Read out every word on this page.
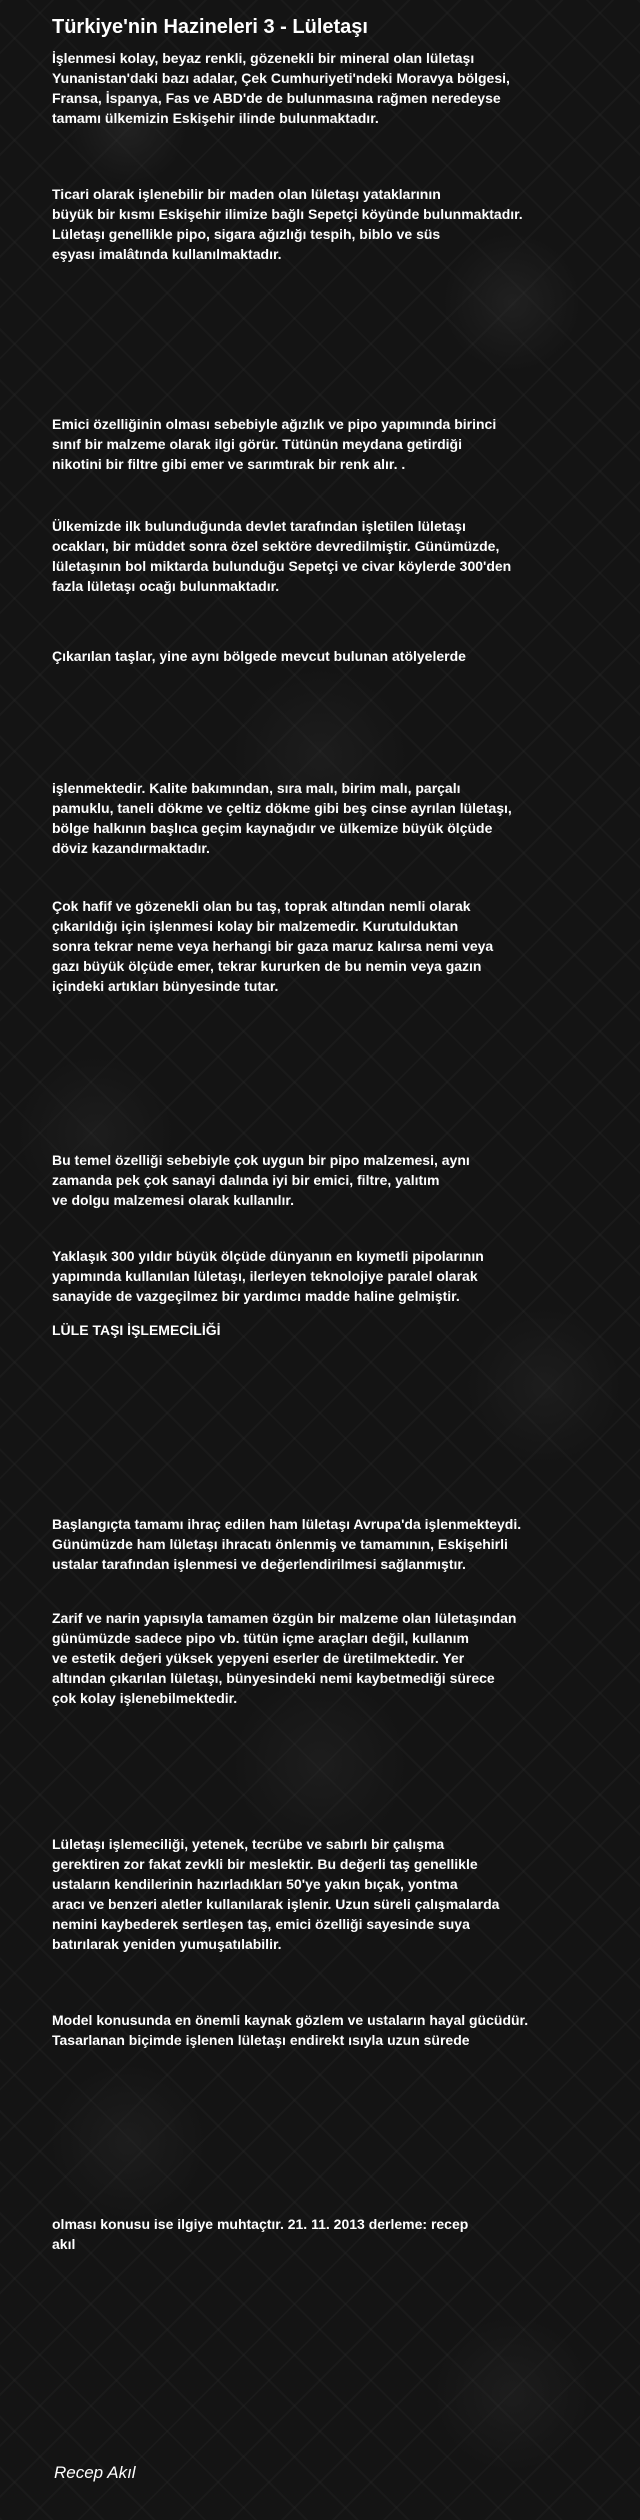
Türkiye'nin Hazineleri 3 - Lületaşı

İşlenmesi kolay, beyaz renkli, gözenekli bir mineral olan lületaşı
Yunanistan'daki bazı adalar, Çek Cumhuriyeti'ndeki Moravya bölgesi,
Fransa, İspanya, Fas ve ABD'de de bulunmasına rağmen neredeyse
tamamı ülkemizin Eskişehir ilinde bulunmaktadır.

Ticari olarak işlenebilir bir maden olan lületaşı yataklarının
büyük bir kısmı Eskişehir ilimize bağlı Sepetçi köyünde bulunmaktadır.
Lületaşı genellikle pipo, sigara ağızlığı tespih, biblo ve süs
eşyası imalâtında kullanılmaktadır.

Emici özelliğinin olması sebebiyle ağızlık ve pipo yapımında birinci
sınıf bir malzeme olarak ilgi görür. Tütünün meydana getirdiği
nikotini bir filtre gibi emer ve sarımtırak bir renk alır. .

Ülkemizde ilk bulunduğunda devlet tarafından işletilen lületaşı
ocakları, bir müddet sonra özel sektöre devredilmiştir. Günümüzde,
lületaşının bol miktarda bulunduğu Sepetçi ve civar köylerde 300'den
fazla lületaşı ocağı bulunmaktadır.

Çıkarılan taşlar, yine aynı bölgede mevcut bulunan atölyelerde

işlenmektedir. Kalite bakımından, sıra malı, birim malı, parçalı
pamuklu, taneli dökme ve çeltiz dökme gibi beş cinse ayrılan lületaşı,
bölge halkının başlıca geçim kaynağıdır ve ülkemize büyük ölçüde
döviz kazandırmaktadır.

Çok hafif ve gözenekli olan bu taş, toprak altından nemli olarak
çıkarıldığı için işlenmesi kolay bir malzemedir. Kurutulduktan
sonra tekrar neme veya herhangi bir gaza maruz kalırsa nemi veya
gazı büyük ölçüde emer, tekrar kururken de bu nemin veya gazın
içindeki artıkları bünyesinde tutar.

Bu temel özelliği sebebiyle çok uygun bir pipo malzemesi, aynı
zamanda pek çok sanayi dalında iyi bir emici, filtre, yalıtım
ve dolgu malzemesi olarak kullanılır.

Yaklaşık 300 yıldır büyük ölçüde dünyanın en kıymetli pipolarının
yapımında kullanılan lületaşı, ilerleyen teknolojiye paralel olarak
sanayide de vazgeçilmez bir yardımcı madde haline gelmiştir.

LÜLE TAŞI İŞLEMECİLİĞİ

Başlangıçta tamamı ihraç edilen ham lületaşı Avrupa'da işlenmekteydi.
Günümüzde ham lületaşı ihracatı önlenmiş ve tamamının, Eskişehirli
ustalar tarafından işlenmesi ve değerlendirilmesi sağlanmıştır.

Zarif ve narin yapısıyla tamamen özgün bir malzeme olan lületaşından
günümüzde sadece pipo vb. tütün içme araçları değil, kullanım
ve estetik değeri yüksek yepyeni eserler de üretilmektedir. Yer
altından çıkarılan lületaşı, bünyesindeki nemi kaybetmediği sürece
çok kolay işlenebilmektedir.

Lületaşı işlemeciliği, yetenek, tecrübe ve sabırlı bir çalışma
gerektiren zor fakat zevkli bir meslektir. Bu değerli taş genellikle
ustaların kendilerinin hazırladıkları 50'ye yakın bıçak, yontma
aracı ve benzeri aletler kullanılarak işlenir. Uzun süreli çalışmalarda
nemini kaybederek sertleşen taş, emici özelliği sayesinde suya
batırılarak yeniden yumuşatılabilir.

Model konusunda en önemli kaynak gözlem ve ustaların hayal gücüdür.
Tasarlanan biçimde işlenen lületaşı endirekt ısıyla uzun sürede

olması konusu ise ilgiye muhtaçtır. 21. 11. 2013 derleme: recep
akıl

Recep Akıl
